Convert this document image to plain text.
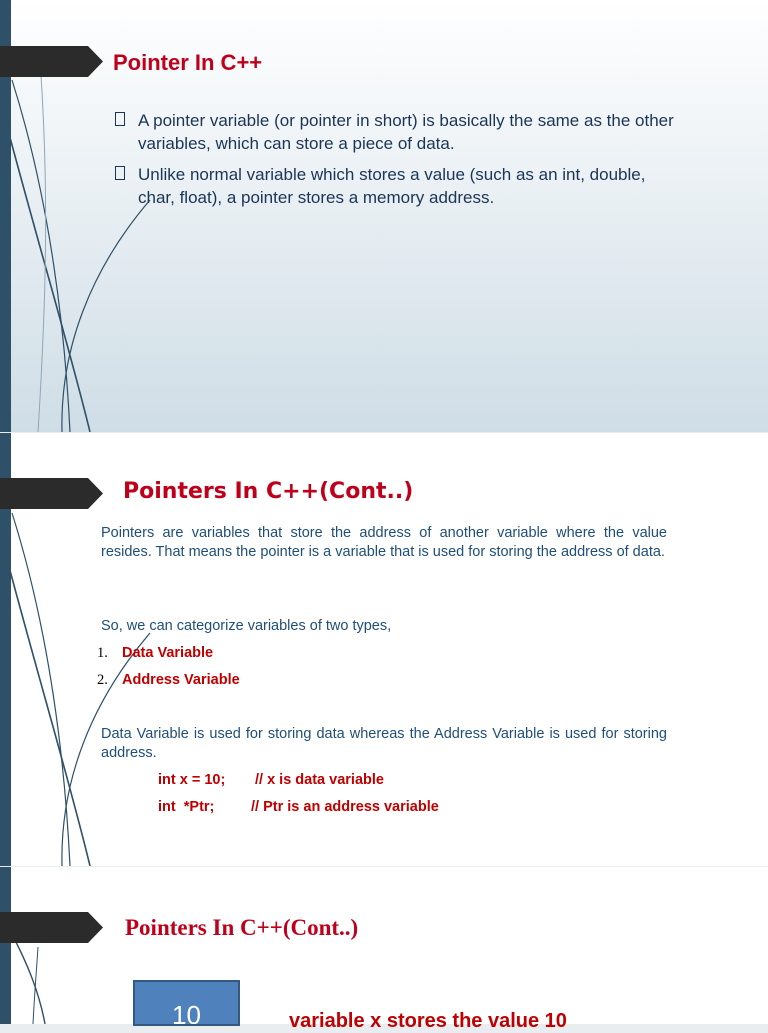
Pointer In C++
A pointer variable (or pointer in short) is basically the same as the other variables, which can store a piece of data.
Unlike normal variable which stores a value (such as an int, double, char, float), a pointer stores a memory address.
Pointers In C++(Cont..)
Pointers are variables that store the address of another variable where the value resides. That means the pointer is a variable that is used for storing the address of data.
So, we can categorize variables of two types,
1. Data Variable
2. Address Variable
Data Variable is used for storing data whereas the Address Variable is used for storing address.
int x = 10; // x is data variable
int  *Ptr;	// Ptr is an address variable
Pointers In C++(Cont..)
10	variable x stores the value 10
